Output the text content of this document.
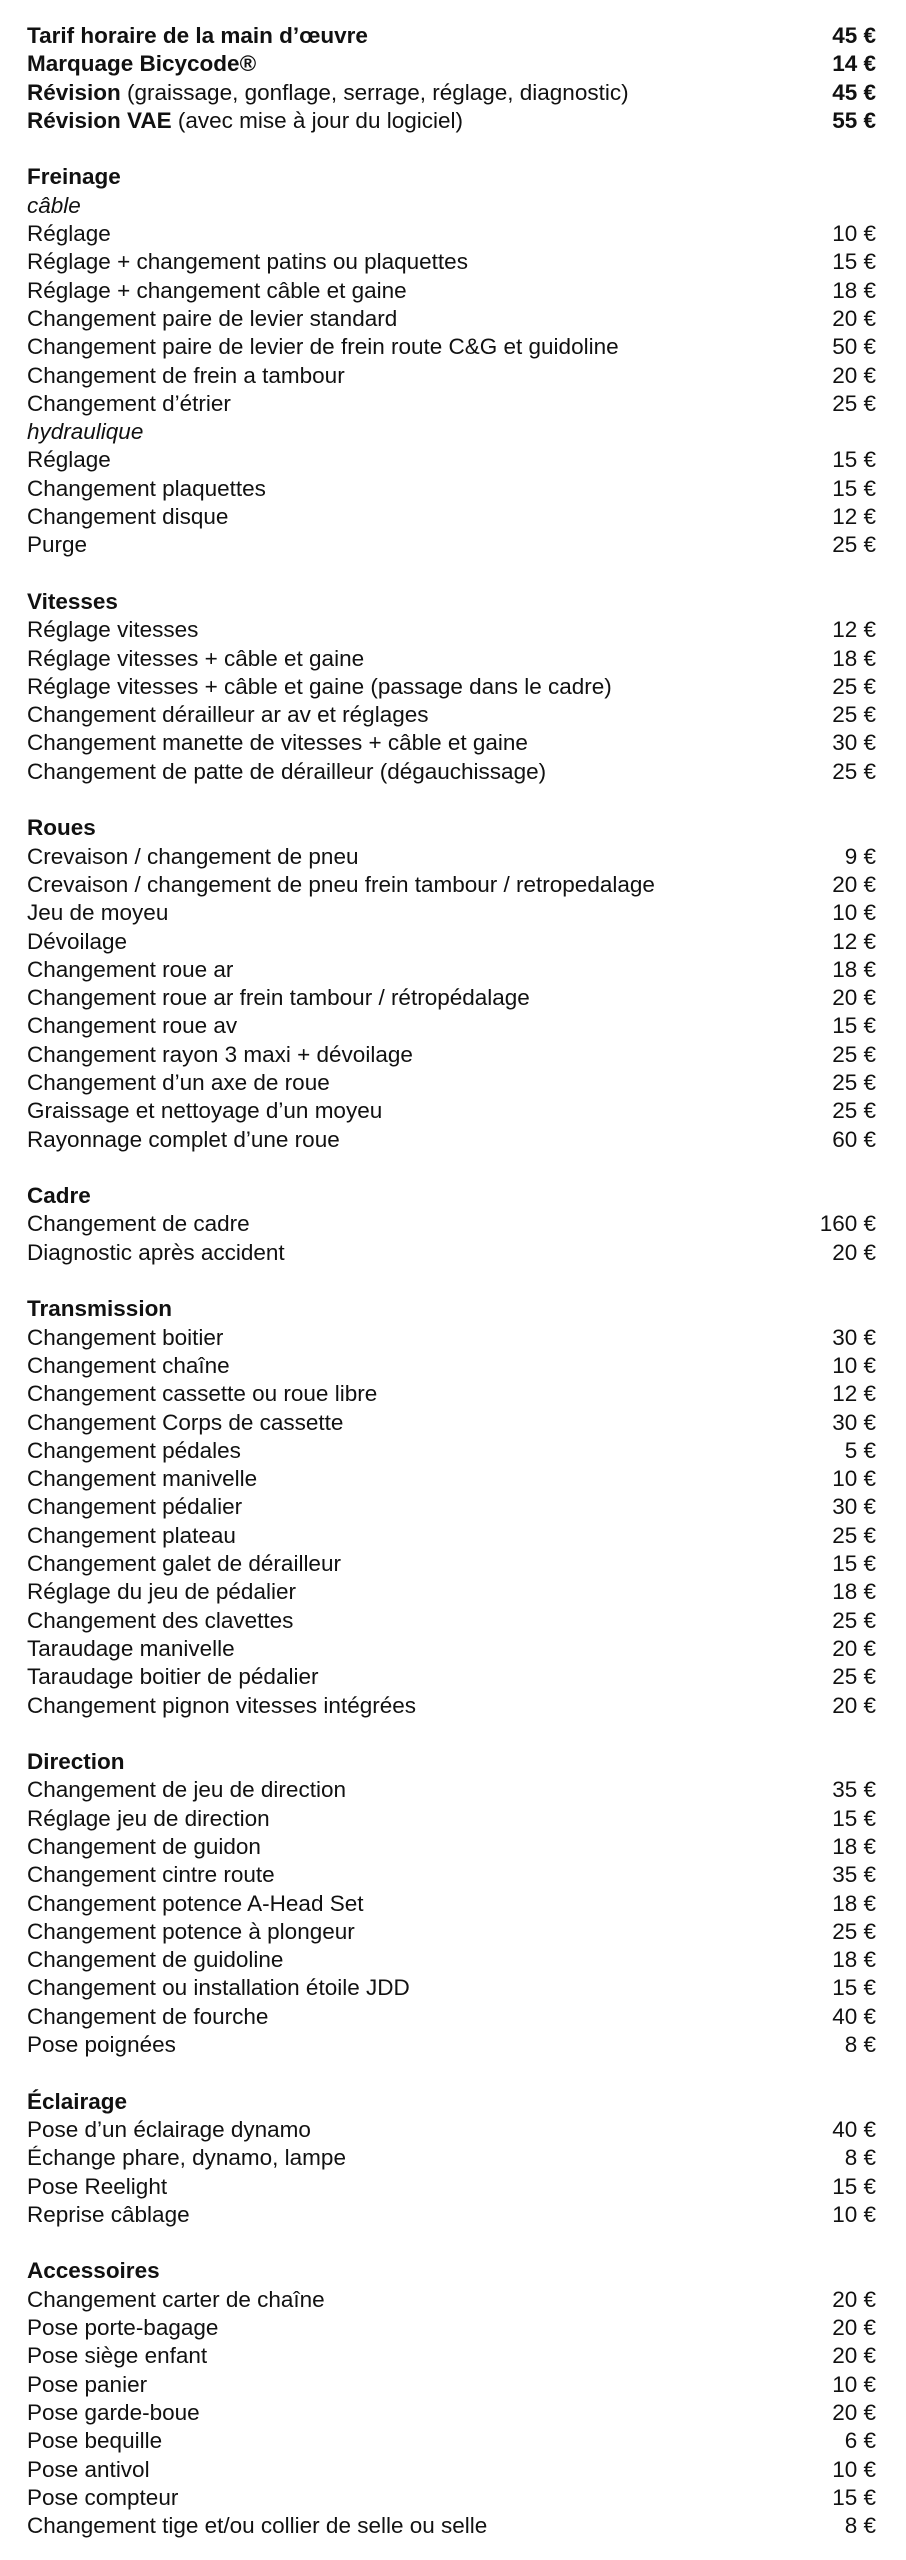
Tarif horaire de la main d’œuvre	45 €
Marquage Bicycode®	14 €
Révision (graissage, gonflage, serrage, réglage, diagnostic)	45 €
Révision VAE (avec mise à jour du logiciel)	55 €
Freinage
câble
Réglage	10 €
Réglage + changement patins ou plaquettes	15 €
Réglage + changement câble et gaine	18 €
Changement paire de levier standard	20 €
Changement paire de levier de frein route C&G et guidoline	50 €
Changement de frein a tambour	20 €
Changement d’étrier	25 €
hydraulique
Réglage	15 €
Changement plaquettes	15 €
Changement disque	12 €
Purge	25 €
Vitesses
Réglage vitesses	12 €
Réglage vitesses + câble et gaine	18 €
Réglage vitesses + câble et gaine (passage dans le cadre)	25 €
Changement dérailleur ar av et réglages	25 €
Changement manette de vitesses + câble et gaine	30 €
Changement de patte de dérailleur (dégauchissage)	25 €
Roues
Crevaison / changement de pneu	9 €
Crevaison / changement de pneu frein tambour / retropedalage	20 €
Jeu de moyeu	10 €
Dévoilage	12 €
Changement roue ar	18 €
Changement roue ar frein tambour / rétropédalage	20 €
Changement roue av	15 €
Changement rayon 3 maxi + dévoilage	25 €
Changement d’un axe de roue	25 €
Graissage et nettoyage d’un moyeu	25 €
Rayonnage complet d’une roue	60 €
Cadre
Changement de cadre	160 €
Diagnostic après accident	20 €
Transmission
Changement boitier	30 €
Changement chaîne	10 €
Changement cassette ou roue libre	12 €
Changement Corps de cassette	30 €
Changement pédales	5 €
Changement manivelle	10 €
Changement pédalier	30 €
Changement plateau	25 €
Changement galet de dérailleur	15 €
Réglage du jeu de pédalier	18 €
Changement des clavettes	25 €
Taraudage manivelle	20 €
Taraudage boitier de pédalier	25 €
Changement pignon vitesses intégrées	20 €
Direction
Changement de jeu de direction	35 €
Réglage jeu de direction	15 €
Changement de guidon	18 €
Changement cintre route	35 €
Changement potence A-Head Set	18 €
Changement potence à plongeur	25 €
Changement de guidoline	18 €
Changement ou installation étoile JDD	15 €
Changement de fourche	40 €
Pose poignées	8 €
Éclairage
Pose d’un éclairage dynamo	40 €
Échange phare, dynamo, lampe	8 €
Pose Reelight	15 €
Reprise câblage	10 €
Accessoires
Changement carter de chaîne	20 €
Pose porte-bagage	20 €
Pose siège enfant	20 €
Pose panier	10 €
Pose garde-boue	20 €
Pose bequille	6 €
Pose antivol	10 €
Pose compteur	15 €
Changement tige et/ou collier de selle ou selle	8 €
